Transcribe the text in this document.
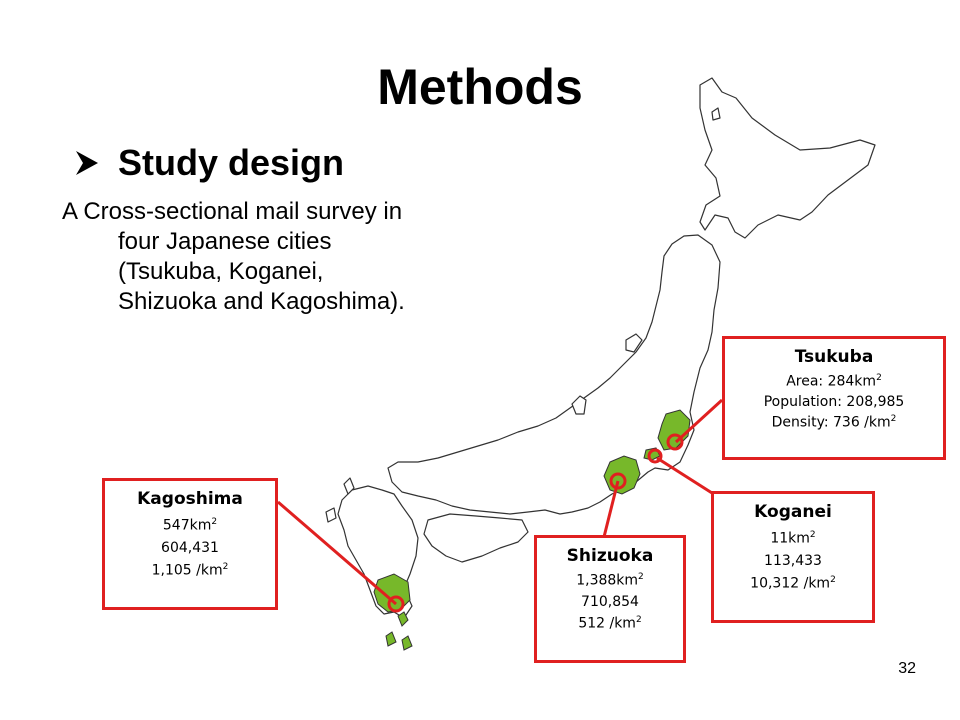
Methods
Study design
A Cross-sectional mail survey in
four Japanese cities
(Tsukuba, Koganei,
Shizuoka and Kagoshima).
Tsukuba
Area: $284km^2$
Population: 208,985
Density: 736 $/km^2$
Koganei
$11km^2$
113,433
10,312 $/km^2$
Shizuoka
$1,388km^2$
710,854
512 $/km^2$
Kagoshima
$547km^2$
604,431
1,105 $/km^2$
32
